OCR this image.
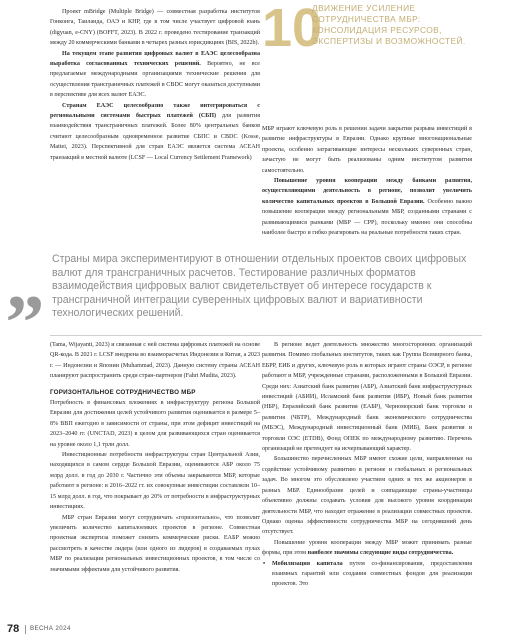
Проект mBridge (Multiple Bridge) — совместная разработка институтов Гонконга, Таиланда, ОАЭ и КНР, где в том числе участвует цифровой юань (digyuan, e-CNY) (BOFFT, 2023). В 2022 г. проведено тестирование транзакций между 20 коммерческими банками в четырех разных юрисдикциях (BIS, 2022b).

На текущем этапе развития цифровых валют в ЕАЭС целесообразна выработка согласованных технических решений. Вероятно, не все предлагаемые международными организациями технические решения для осуществления трансграничных платежей в CBDC могут оказаться доступными в перспективе для всех валют ЕАЭС.

Странам ЕАЭС целесообразно также интегрироваться с региональными системами быстрых платежей (СБП) для развития взаимодействия трансграничных платежей. Более 80% центральных банков считают целесообразным одновременное развитие СБПС и CBDC (Kosse, Mattei, 2023). Перспективной для стран ЕАЭС является система АСЕАН транзакций в местной валюте (LCSF — Local Currency Settlement Framework)

10
ДВИЖЕНИЕ УСИЛЕНИЕ СОТРУДНИЧЕСТВА МБР: КОНСОЛИДАЦИЯ РЕСУРСОВ, ЭКСПЕРТИЗЫ И ВОЗМОЖНОСТЕЙ.

МБР играют ключевую роль в решении задачи закрытия разрыва инвестиций в развитие инфраструктуры в Евразии. Однако крупные многонациональные проекты, особенно затрагивающие интересы нескольких суверенных стран, зачастую не могут быть реализованы одним институтом развития самостоятельно.

Повышение уровня кооперации между банками развития, осуществляющими деятельность в регионе, позволит увеличить количество капитальных проектов в Большой Евразии. Особенно важно повышение кооперации между региональными МБР, созданными странами с развивающимися рынками (МБР — СРР), поскольку именно они способны наиболее быстро и гибко реагировать на реальные потребности таких стран.

„ Страны мира экспериментируют в отношении отдельных проектов своих цифровых валют для трансграничных расчетов. Тестирование различных форматов взаимодействия цифровых валют свидетельствует об интересе государств к трансграничной интеграции суверенных цифровых валют и вариативности технологических решений.

(Tama, Wijayanti, 2023) и связанная с ней система цифровых платежей на основе QR-кода. В 2021 г. LCSF внедрена во взаиморасчетах Индонезии и Китая, а 2023 г. — Индонезии и Японии (Muhammad, 2023). Данную систему страны АСЕАН планируют распространить среди стран-партнеров (Fahri Mudita, 2023).

ГОРИЗОНТАЛЬНОЕ СОТРУДНИЧЕСТВО МБР

Потребность в финансовых вложениях в инфраструктуру региона Большой Евразии для достижения целей устойчивого развития оценивается в размере 5–8% ВВП ежегодно в зависимости от страны, при этом дефицит инвестиций на 2023–2040 гг. (UNCTAD, 2023) в целом для развивающихся стран оценивается на уровне около 1,1 трлн долл.

Инвестиционные потребности инфраструктуры стран Центральной Азии, находящихся в самом сердце Большой Евразии, оцениваются АБР около 75 млрд долл. в год до 2030 г. Частично эти объемы закрываются МБР, которые работают в регионе: в 2016–2022 гг. их совокупные инвестиции составляли 10–15 млрд долл. в год, что покрывает до 20% от потребности в инфраструктурных инвестициях.

МБР стран Евразии могут сотрудничать «горизонтально», что позволит увеличить количество капиталоемких проектов в регионе. Совместная проектная экспертиза поможет снизить коммерческие риски. ЕАБР можно рассмотреть в качестве лидера (или одного из лидеров) в создаваемых пулах МБР по реализации региональных инвестиционных проектов, в том числе со значимыми эффектами для устойчивого развития.

В регионе ведет деятельность множество многосторонних организаций развития. Помимо глобальных институтов, таких как Группа Всемирного банка, ЕБРР, ЕИБ и других, ключевую роль в которых играют страны ОЭСР, в регионе работают и МБР, учрежденные странами, расположенными в Большой Евразии. Среди них: Азиатский банк развития (АБР), Азиатский банк инфраструктурных инвестиций (АБИИ), Исламский банк развития (ИБР), Новый банк развития (НБР), Евразийский банк развития (ЕАБР), Черноморский банк торговли и развития (ЧБТР), Международный банк экономического сотрудничества (МБЭС), Международный инвестиционный банк (МИБ), Банк развития и торговли ОЭС (ЕТDB), Фонд ОПЕК по международному развитию. Перечень организаций не претендует на исчерпывающий характер.

Большинство перечисленных МБР имеют схожие цели, направленные на содействие устойчивому развитию в регионе и глобальных и региональных задач. Во многом это обусловлено участием одних и тех же акционеров в разных МБР. Единообразие целей и совпадающие страны-участницы объективно должны создавать условия для высокого уровня координации деятельности МБР, что находит отражение в реализации совместных проектов. Однако оценка эффективности сотрудничества МБР на сегодняшний день отсутствует.

Повышение уровня кооперации между МБР может принимать разные формы, при этом наиболее значимы следующие виды сотрудничества.

• Мобилизация капитала путем со-финансирования, предоставления взаимных гарантий или создания совместных фондов для реализации проектов. Это
78 ВЕСНА 2024
